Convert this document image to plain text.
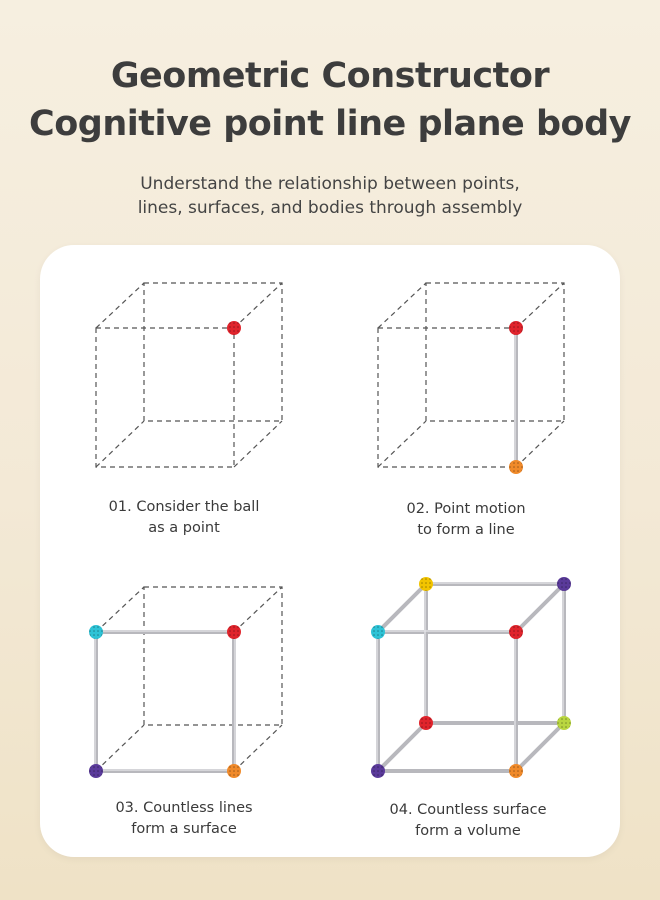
Geometric Constructor
Cognitive point line plane body
Understand the relationship between points,
lines, surfaces, and bodies through assembly
01. Consider the ball
as a point
02. Point motion
to form a line
03. Countless lines
form a surface
04. Countless surface
form a volume
